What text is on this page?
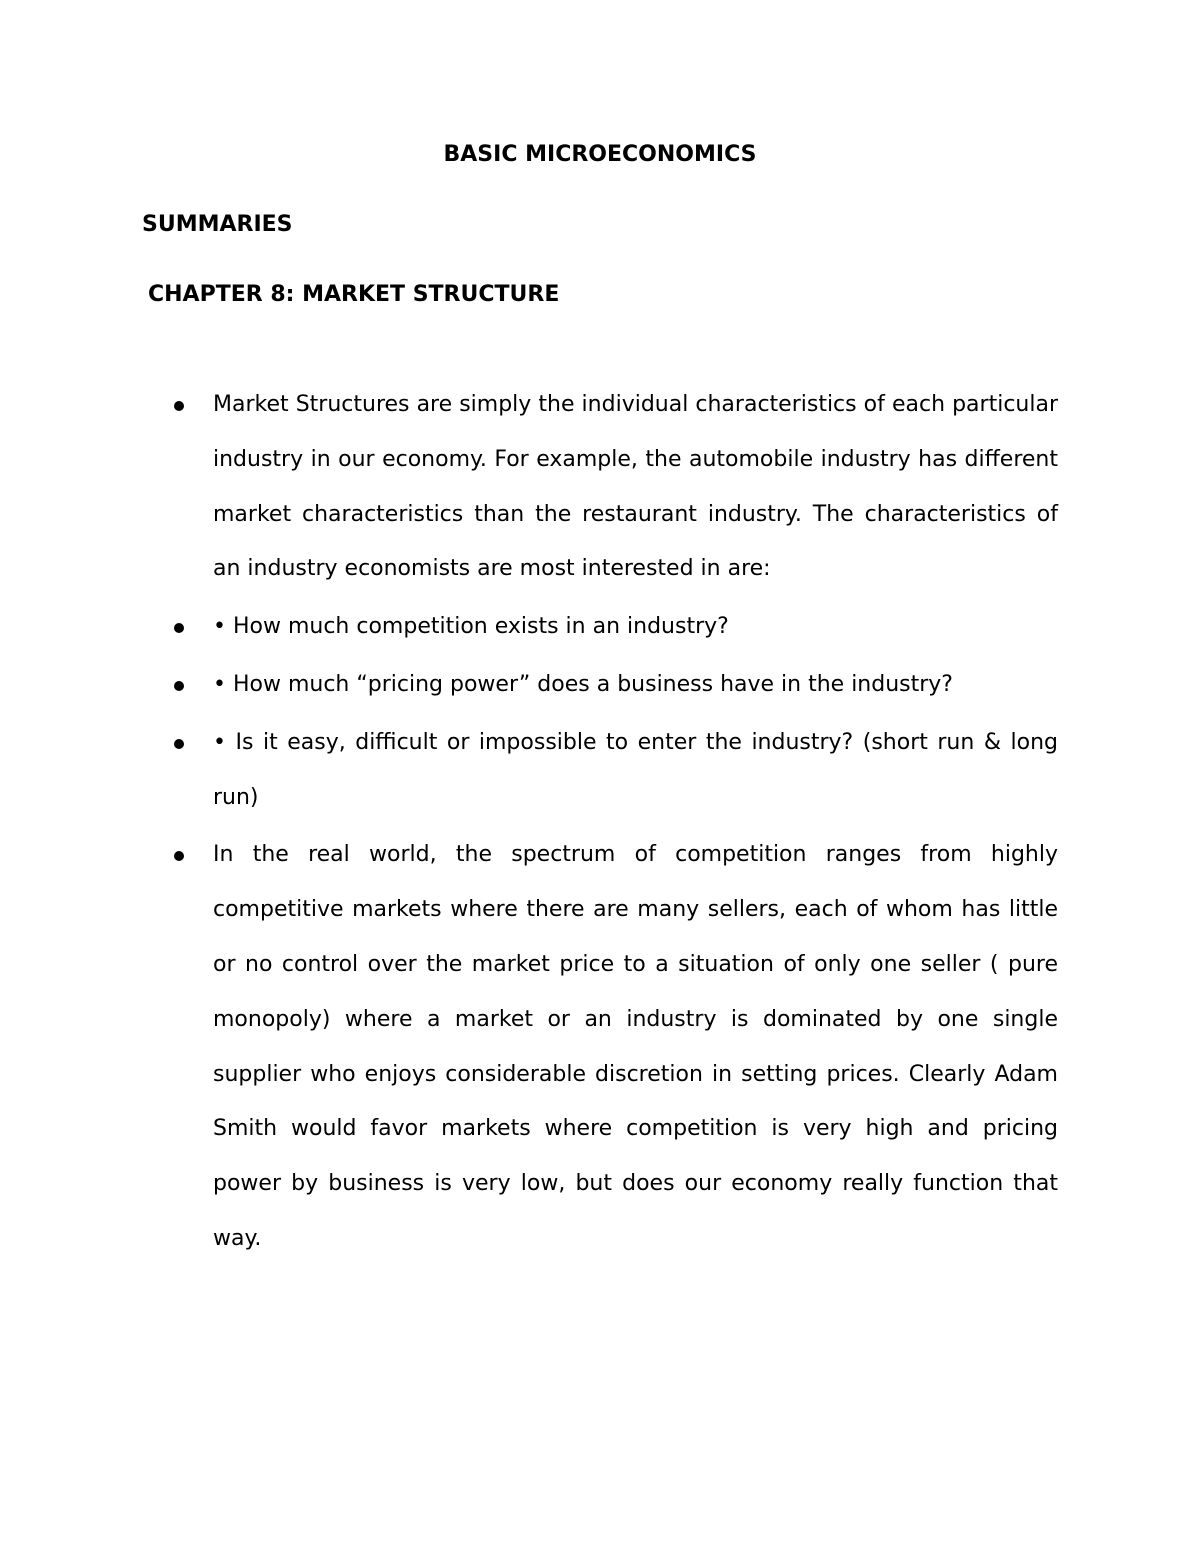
BASIC MICROECONOMICS
SUMMARIES
CHAPTER 8: MARKET STRUCTURE
Market Structures are simply the individual characteristics of each particular industry in our economy. For example, the automobile industry has different market characteristics than the restaurant industry. The characteristics of an industry economists are most interested in are:
• How much competition exists in an industry?
• How much “pricing power” does a business have in the industry?
• Is it easy, difficult or impossible to enter the industry? (short run & long run)
In the real world, the spectrum of competition ranges from highly competitive markets where there are many sellers, each of whom has little or no control over the market price to a situation of only one seller ( pure monopoly) where a market or an industry is dominated by one single supplier who enjoys considerable discretion in setting prices. Clearly Adam Smith would favor markets where competition is very high and pricing power by business is very low, but does our economy really function that way.
